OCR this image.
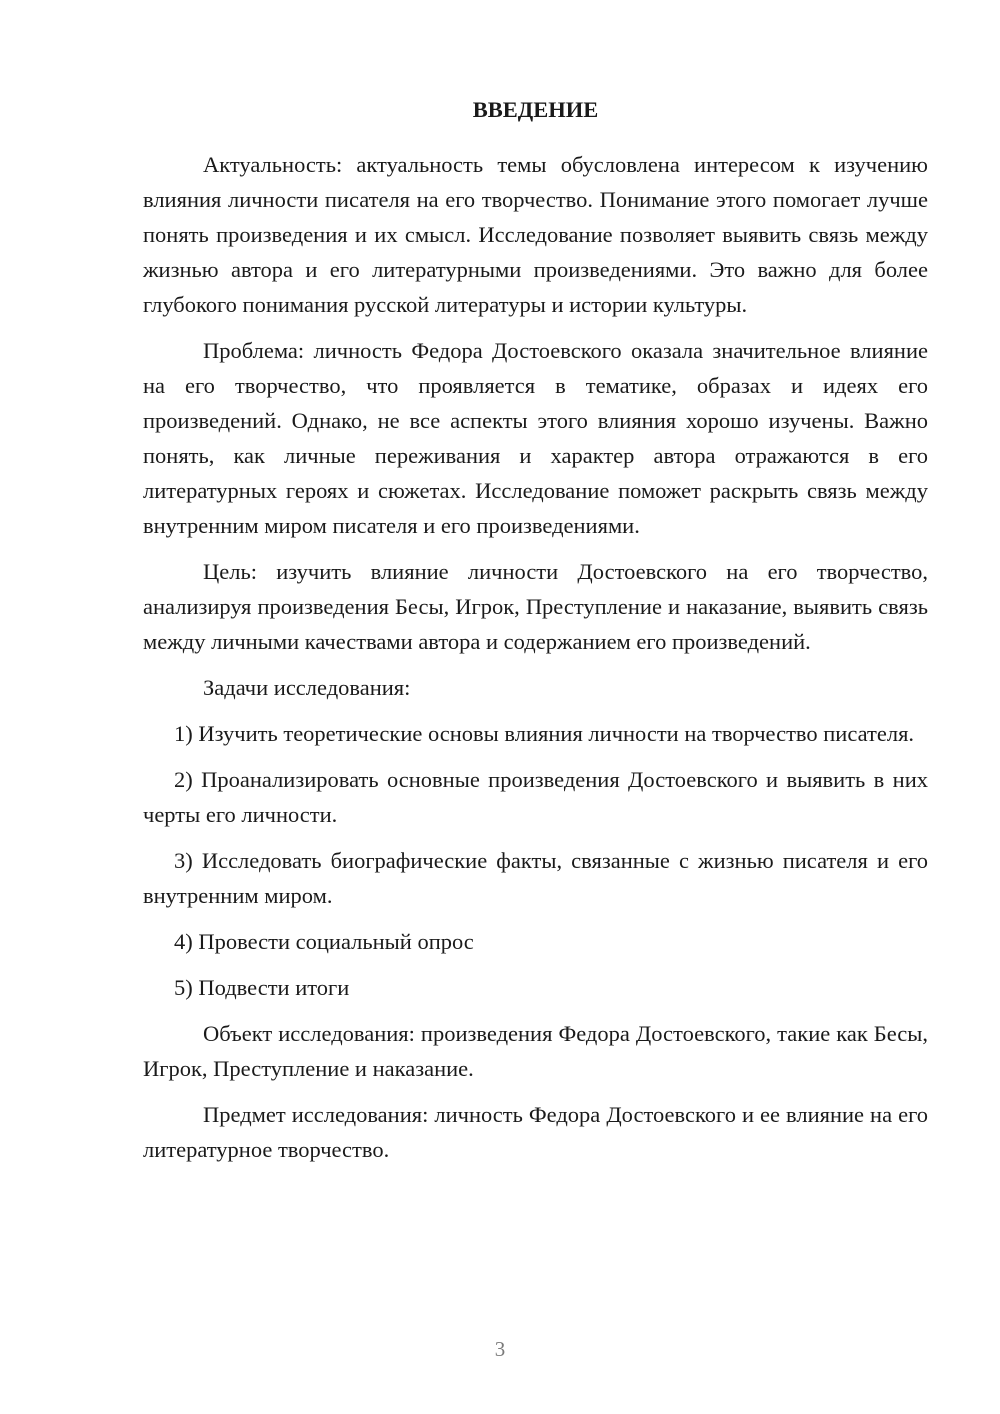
ВВЕДЕНИЕ

Актуальность: актуальность темы обусловлена интересом к изучению влияния личности писателя на его творчество. Понимание этого помогает лучше понять произведения и их смысл. Исследование позволяет выявить связь между жизнью автора и его литературными произведениями. Это важно для более глубокого понимания русской литературы и истории культуры.

Проблема: личность Федора Достоевского оказала значительное влияние на его творчество, что проявляется в тематике, образах и идеях его произведений. Однако, не все аспекты этого влияния хорошо изучены. Важно понять, как личные переживания и характер автора отражаются в его литературных героях и сюжетах. Исследование поможет раскрыть связь между внутренним миром писателя и его произведениями.

Цель: изучить влияние личности Достоевского на его творчество, анализируя произведения Бесы, Игрок, Преступление и наказание, выявить связь между личными качествами автора и содержанием его произведений.

Задачи исследования:

1) Изучить теоретические основы влияния личности на творчество писателя.

2) Проанализировать основные произведения Достоевского и выявить в них черты его личности.

3) Исследовать биографические факты, связанные с жизнью писателя и его внутренним миром.

4) Провести социальный опрос

5) Подвести итоги

Объект исследования: произведения Федора Достоевского, такие как Бесы, Игрок, Преступление и наказание.

Предмет исследования: личность Федора Достоевского и ее влияние на его литературное творчество.

3
